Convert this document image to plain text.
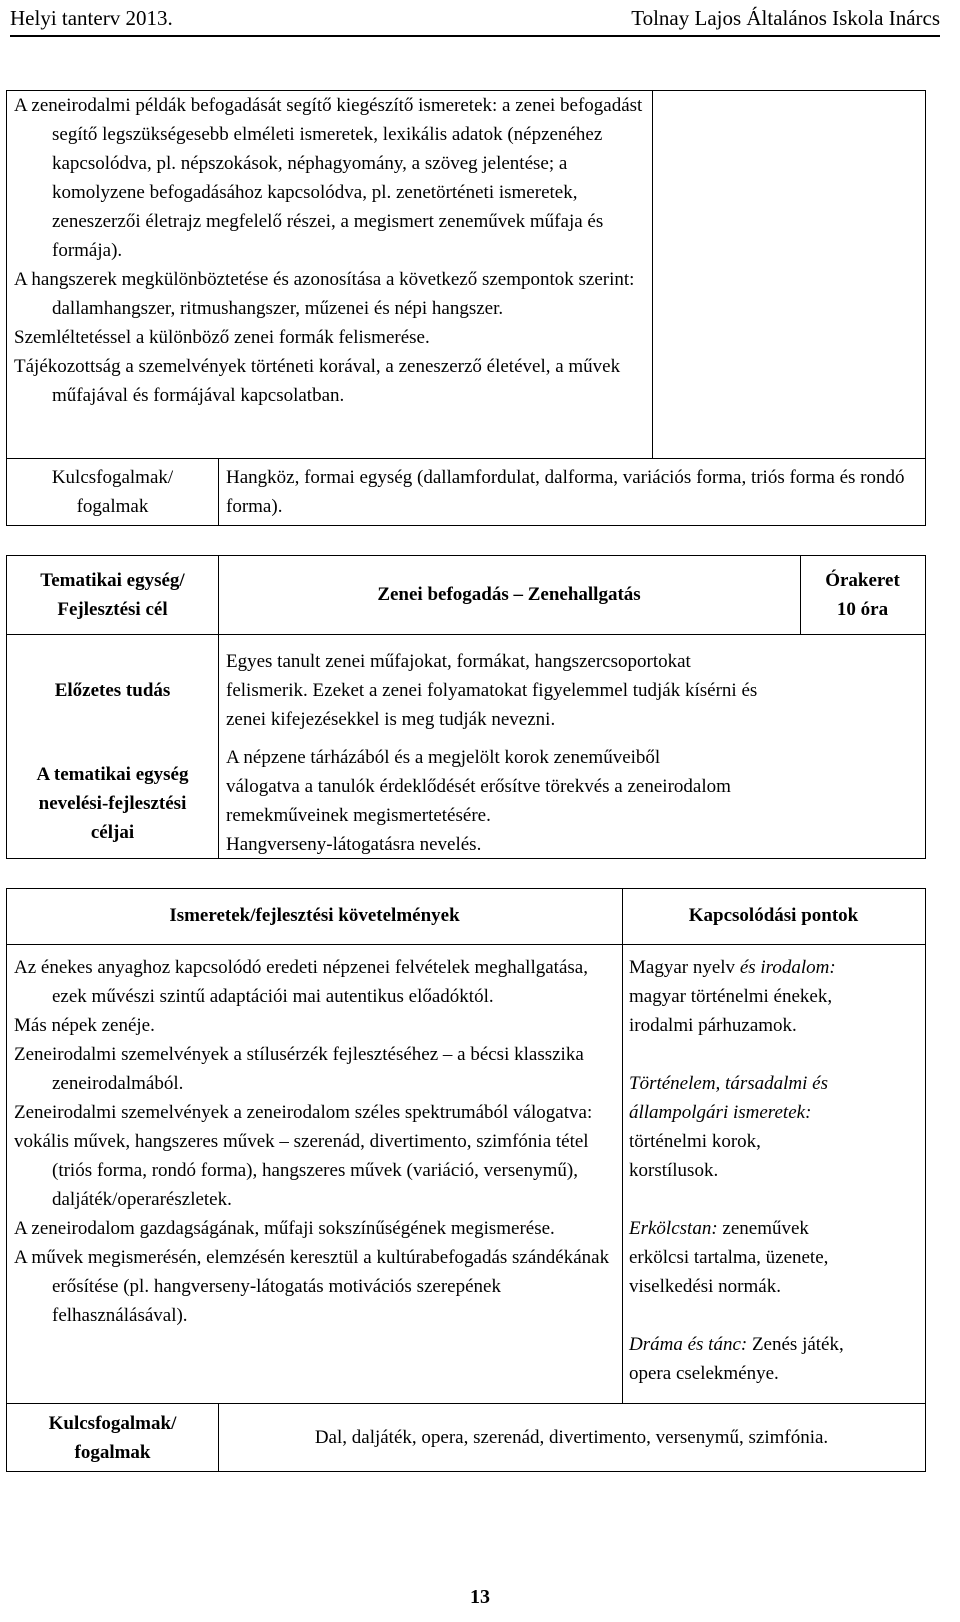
Helyi tanterv 2013.	Tolnay Lajos Általános Iskola Inárcs

A zeneirodalmi példák befogadását segítő kiegészítő ismeretek: a zenei befogadást segítő legszükségesebb elméleti ismeretek, lexikális adatok (népzenéhez kapcsolódva, pl. népszokások, néphagyomány, a szöveg jelentése; a komolyzene befogadásához kapcsolódva, pl. zenetörténeti ismeretek, zeneszerzői életrajz megfelelő részei, a megismert zeneművek műfaja és formája).

A hangszerek megkülönböztetése és azonosítása a következő szempontok szerint: dallamhangszer, ritmushangszer, műzenei és népi hangszer.

Szemléltetéssel a különböző zenei formák felismerése.

Tájékozottság a szemelvények történeti korával, a zeneszerző életével, a művek műfajával és formájával kapcsolatban.

Kulcsfogalmak/
fogalmak
Hangköz, formai egység (dallamfordulat, dalforma, variációs forma, triós forma és rondó forma).
Tematikai egység/
Fejlesztési cél
Zenei befogadás – Zenehallgatás
Órakeret
10 óra
Előzetes tudás

Egyes tanult zenei műfajokat, formákat, hangszercsoportokat

felismerik. Ezeket a zenei folyamatokat figyelemmel tudják kísérni és

zenei kifejezésekkel is meg tudják nevezni.

A tematikai egység
nevelési-fejlesztési
céljai

A népzene tárházából és a megjelölt korok zeneműveiből

válogatva a tanulók érdeklődését erősítve törekvés a zeneirodalom

remekműveinek megismertetésére.

Hangverseny-látogatásra nevelés.

Ismeretek/fejlesztési követelmények	Kapcsolódási pontok

Az énekes anyaghoz kapcsolódó eredeti népzenei felvételek meghallgatása, ezek művészi szintű adaptációi mai autentikus előadóktól.

Más népek zenéje.

Zeneirodalmi szemelvények a stílusérzék fejlesztéséhez – a bécsi klasszika zeneirodalmából.

Zeneirodalmi szemelvények a zeneirodalom széles spektrumából válogatva:

vokális művek, hangszeres művek – szerenád, divertimento, szimfónia tétel (triós forma, rondó forma), hangszeres művek (variáció, versenymű), daljáték/operarészletek.

A zeneirodalom gazdagságának, műfaji sokszínűségének megismerése.

A művek megismerésén, elemzésén keresztül a kultúrabefogadás szándékának erősítése (pl. hangverseny-látogatás motivációs szerepének felhasználásával).

Magyar nyelv és irodalom:

magyar történelmi énekek,

irodalmi párhuzamok.

Történelem, társadalmi és

állampolgári ismeretek:

történelmi korok,

korstílusok.

Erkölcstan: zeneművek

erkölcsi tartalma, üzenete,

viselkedési normák.

Dráma és tánc: Zenés játék,

opera cselekménye.

Kulcsfogalmak/
fogalmak
Dal, daljáték, opera, szerenád, divertimento, versenymű, szimfónia.
13
